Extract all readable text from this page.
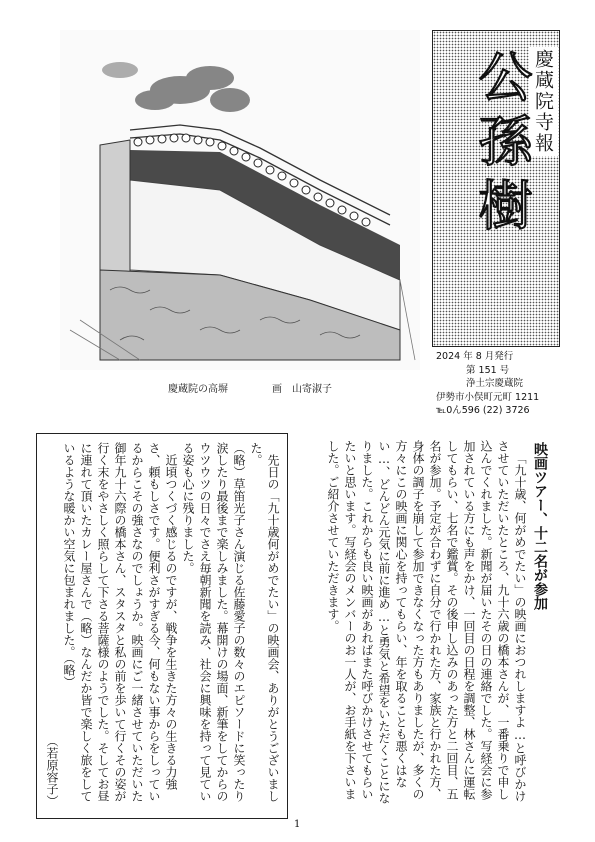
慶蔵院の高塀	画　山寄淑子
慶蔵院寺報
公孫樹
2024 年 8 月発行
第 151 号
浄土宗慶蔵院
伊勢市小俣町元町 1211
℡0ん596 (22) 3726
映画ツアー、十二名が参加

「九十歳、何がめでたい」の映画におつれしますよ…と呼びかけさせていただいたところ、九十六歳の橋本さんが、一番乗りで申し込んでくれました。新聞が届いたその日の連絡でした。写経会に参加されている方にも声をかけ、一回目の日程を調整、林さんに運転してもらい、七名で鑑賞。その後申し込みのあった方と二回目、五名が参加。予定が合わずに自分で行かれた方、家族と行かれた方、身体の調子を崩して参加できなくなった方もありましたが、多くの方々にこの映画に関心を持ってもらい、年を取ることも悪くはない…、どんどん元気に前に進め…と勇気と希望をいただくことになりました。これからも良い映画があればまた呼びかけさせてもらいたいと思います。写経会のメンバーのお一人が、お手紙を下さいました。ご紹介させていただきます。

先日の「九十歳何がめでたい」の映画会、ありがとうございました。

（略）草笛光子さん演じる佐藤愛子の数々のエピソードに笑ったり涙したり最後まで楽しみました。幕開けの場面、新筆をしてからのウツウツの日々でさえ毎朝新聞を読み、社会に興味を持って見ている姿も心に残りました。

近頃つくづく感じるのですが、戦争を生きた方々の生きる力強さ、頼もしさです。便利さがすぎる今、何もない事からをしっているからこその強さなのでしょうか。映画にご一緒させていただいた御年九十六際の橋本さん、スタスタと私の前を歩いて行くその姿が行く末をやさしく照らして下さる菩薩様のようでした。そしてお昼に連れて頂いたカレー屋さんで（略）なんだか皆で楽しく旅をしているような暖かい空気に包まれました。（略）

（若原容子）

1
